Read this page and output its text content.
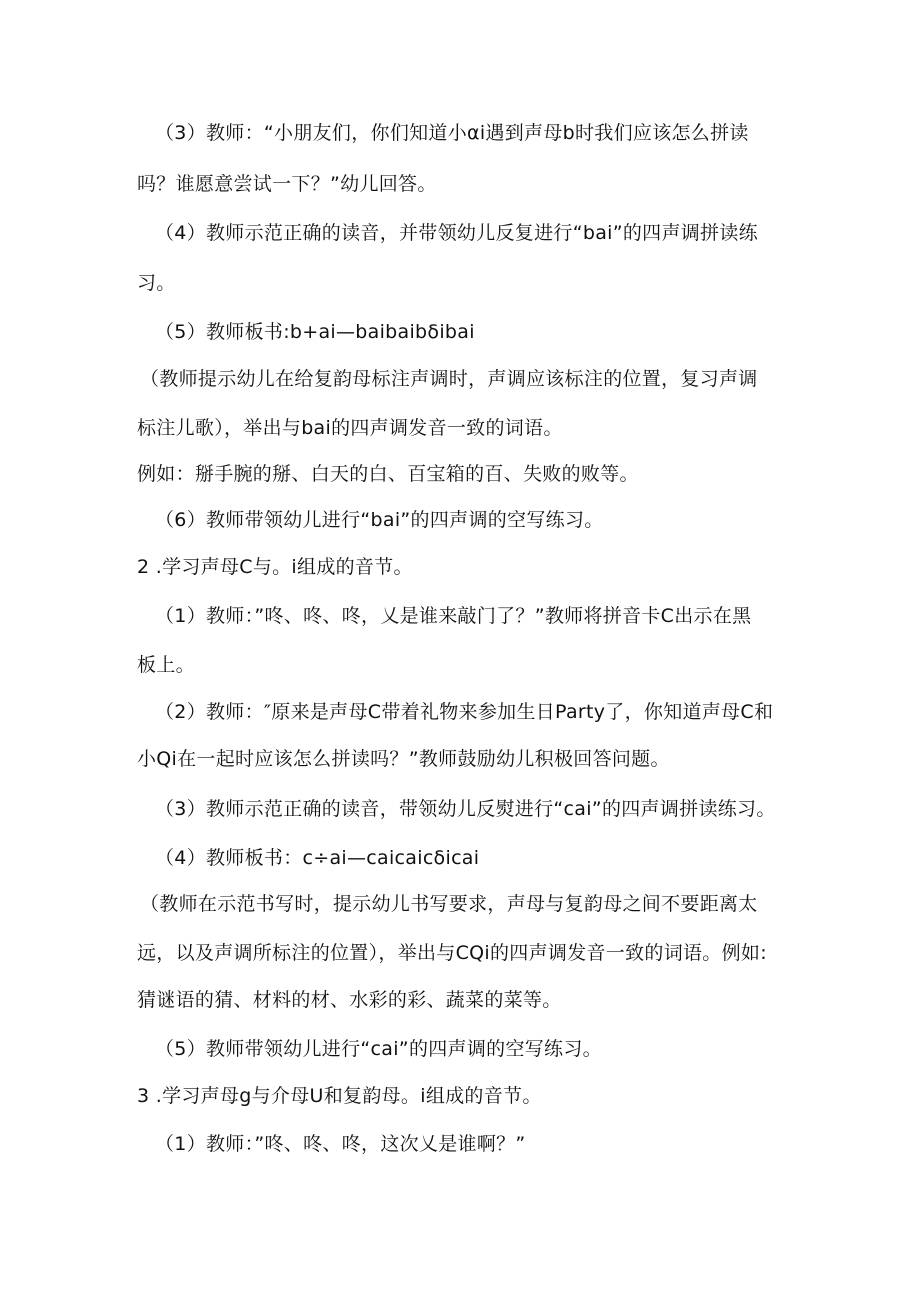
（3）教师：“小朋友们，你们知道小αi遇到声母b时我们应该怎么拼读
吗？谁愿意尝试一下？”幼儿回答。
（4）教师示范正确的读音，并带领幼儿反复进行“bai”的四声调拼读练
习。
（5）教师板书:b+ai—baibaibδibai
（教师提示幼儿在给复韵母标注声调时，声调应该标注的位置，复习声调
标注儿歌），举出与bai的四声调发音一致的词语。
例如：掰手腕的掰、白天的白、百宝箱的百、失败的败等。
（6）教师带领幼儿进行“bai”的四声调的空写练习。
2 .学习声母C与。i组成的音节。
（1）教师：”咚、咚、咚，乂是谁来敲门了？”教师将拼音卡C出示在黑
板上。
（2）教师：″原来是声母C带着礼物来参加生日Party了，你知道声母C和
小Qi在一起时应该怎么拼读吗？”教师鼓励幼儿积极回答问题。
（3）教师示范正确的读音，带领幼儿反熨进行“cai”的四声调拼读练习。
（4）教师板书：c÷ai—caicaicδicai
（教师在示范书写时，提示幼儿书写要求，声母与复韵母之间不要距离太
远，以及声调所标注的位置），举出与CQi的四声调发音一致的词语。例如:
猜谜语的猜、材料的材、水彩的彩、蔬菜的菜等。
（5）教师带领幼儿进行“cai”的四声调的空写练习。
3 .学习声母g与介母U和复韵母。i组成的音节。
（1）教师：”咚、咚、咚，这次乂是谁啊？”
